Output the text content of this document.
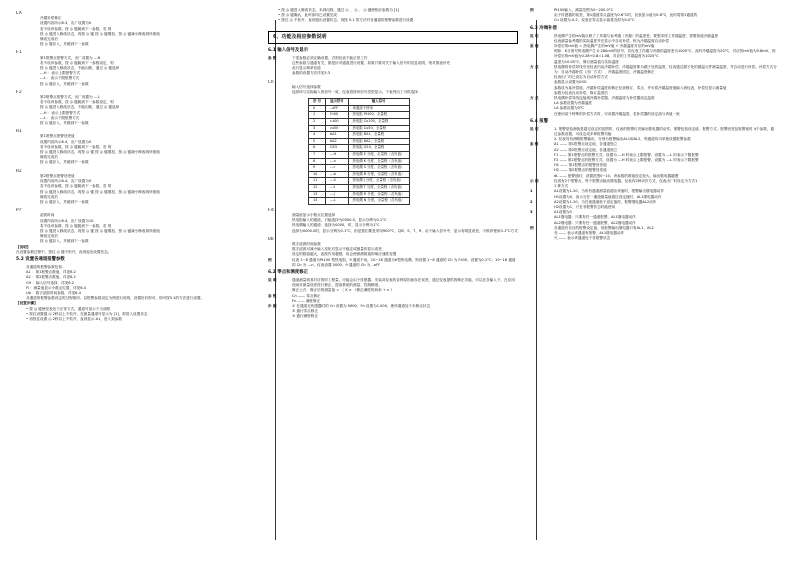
LA
冷端补偿修正
设置内容所示6.3，出厂设置为0
若不设该参数，按 ◎ 键跳到下一参数，若 则
按 ◎ 键进入修改状态，再按 ◎ 键 按 ◎ 键增加，按 ◎ 键减小修改到所需值
修改完成后
按 ◎ 键存入，并跳到下一参数
F1
第1报警点报警方式，出厂设置为 ---H
若不设该参数，按 ◎ 键跳到下一参数设定，则
按 ◎ 键进入修改状态，不能闪烁，通过 ◎ 键选择
---H ：表示上限报警方式
---L ：表示下限报警方式
按 ◎ 键存入，并跳到下一参数
F2
第2报警点报警方式，出厂设置为 ---L
若不设该参数，按 ◎ 键跳到下一参数设定，则
按 ◎ 键进入修改状态，不能闪烁，通过 ◎ 键选择
---H ：表示上限报警方式
---L ：表示下限报警方式
按 ◎ 键存入，并跳到下一参数
H1
第1报警点报警回差值
设置内容所示6.4，出厂设置为0
若不设该参数，按 ◎ 键跳到下一参数，若 则
按 ◎ 键进入修改状态，再按 ◎ 键 按 ◎ 键增加，按 ◎ 键减小修改到所需值
修改完成后
按 ◎ 键存入，并跳到下一参数
H2
第2报警点报警回差值
设置内容所示6.4，出厂设置为0
若不设该参数，按 ◎ 键跳到下一参数，若 则
按 ◎ 键进入修改状态，再按 ◎ 键 按 ◎ 键增加，按 ◎ 键减小修改到所需值
修改完成后
按 ◎ 键存入，并跳到下一参数
Pr
滤波时间
设置内容所示6.4，出厂设置为10
若不设该参数，按 ◎ 键跳到下一参数，若 则
按 ◎ 键进入修改状态，再按 ◎ 键 按 ◎ 键增加，按 ◎ 键减小修改到所需值
修改完成后
按 ◎ 键存入，并跳到下一参数
【说明】
在设置参数过程中，按住 ◎ 键不松开，直到退出设置状态。
5.2 设置各通道报警参数
各通道的报警参数包括：
A1 ：第1报警点数值，详见6.2
A2 ：第2报警点数值，详见6.2
CH ：输入信号选择，详见6.2
Fi ：测量值显示小数点位置，详见6.4
Ub ：数字滤波时间参数，详见6.4
各通道的报警参数设定的过程相同，以报警参数设定为例进行说明，设置好后即可，即可按5.1的方法进行设置。
【设置步骤】
• 按 ◎ 键使仪表处于正常方式，通道号显示于当前路
• 按住设置键 ◎ 2秒以上不松开，在测量通道号显示为 [1]，即进入设置状态
• 再按住设置 ◎ 2秒以上不松开，直到显示 A1，进入到参数
• 按 ◎ 键进入修改状态，未到闪烁，通过 ◎ 、 ◎ 、 ◎ 键使相应参数为 [1]
• 按 ◎ 键确认，此时如同已设置完成
• 按住 ◎ 不松开，直到退出设置状态，再按 5.1 的方法对各通道的报警参数进行设置
6、功能及相应参数说明
6.1 输入信号及显示
参 数	下述参数必须正确设置，否则仪表不能正常工作
这些参数与通道有关，都是针对通道进行设置，如果只要对关于输入信号的信息说明，则对照表补充
此行显示简单信道
参数的设置方法详见5.3
Ch
输入信号选择参数
选择所与实际输入的信号一致，仪表将按该信号类型显示。下表列出了可供选择：
序 号	显示符号	输入信号
0	-.oFF	该通道不使用
1	F.t00	热电阻 Pt100，全量程
2	c.t00	热电阻 Cu100，全量程
3	cu50	热电阻 Cu50，全量程
4	bA1	热电阻 BA1，全量程
5	bA2	热电阻 BA2，全量程
6	G53	热电阻 G53，全量程
7	---H	热电偶 E 分度，全量程（含负值）
8	---n	热电偶 K 分度，全量程（含负值）
9	---r	热电偶 S 分度，全量程（含负值）
10	---b	热电偶 B 分度，全量程（含负值）
11	---S	热电偶 J 分度，全量程（含负值）
12	---t	热电偶 T 分度，全量程（含负值）
13	---J	热电偶 R 分度，全量程（含负值）
14	---L	热电偶 N 分度，全量程（含负值）
Fd
测量值显示小数点位置选择
热电阻输入的通道，只能选择为0000.0，显示分辨为0.1°C
热电偶输入的通道：选择为0000，时，显示分辨为1°C
选择为0000.0时，显示分辨为0.1°C，但是我们要是采用900°C，以B、S、T、R、由于输入信号中，显示有明显误差，不推荐使用0.1°C方式
Ub
数字滤波时间参数
数字滤波可减小输入变化对显示不稳定或测量的显示误差
设定的数值越大，滤波作用越强，但会使被测数值的响应速度变慢
例	仪表 1~8 通道为Pt100 型热电阻，9 通道不用，10~16 通道为K型热电偶，则设置 1~8 通道的 Ch 为 F.t00，设置为0.1°C；10~16 通道的 Ch 为 ---n，仪表设置 0000；9 通道的 Ch 为 -.oFF
6.2 零点和满度修正
说 明	通道测量到其对应的时工程量，可能会由于传感器、安装或仪表的各种原因而存在误差，通过仪表提供的修正功能，可以在各输入下，在应用现场对测量误差进行修正，提高系统的测量、控制精度。
修正公式：修正后的测量值 = 〔 X × 《修正满度的斜率 + n 》
参 数	Cn —— 零点修正
Fn —— 满度修正
步 骤	① 在通道无传感器时的 Cn 设置为 0000，Fn 设置为1.000，使该通道处于未修正状态
② 通行零点修正
③ 通行满度修正
例	Pt100输入，测量范围为0~200.0°C
由于传感器的误差，第1通道零点温度为0.6°C时，仪表显示值为0.8°C，此时将第1通道的
Cn 设置为-0.2，仪表在零点显示值将近似为0.0°C
6.3 冷端补偿
说 明	热电偶产生的mV值反映了工作端与参考端（冷端）的温度差，要想求得工作端温度，需要知道冷端温度
仪表测量参考端的实际温度并在显示中自动补偿，称为冷端温度自动补偿
原 理	补偿后的mV值 = 热电偶产生的mV值 + 冷端温度对应的mV值
例如：K分度号热电偶产生 0.280mV的信号，若仪表工作端与冷端的温度差为1000°C，此时冷端温度为20°C，对应的mV值为0.8mV，则补偿后的mV值为0.28+0.8=1.08，对应的工作端温度为1020°C
温度为10.05°C，修订测量值与实际温度
方 式	热电偶的补偿导线引至仪表内由冷端补偿，冷端温度即为端子处的温度，仪表通过端子处的测温元件测量温度，并自动进行补偿。补偿方式分为：自动冷端补偿（出厂方式）、冷端温度固定、冷端温度修正
仪表出厂时已设定为自动补偿方式
参数显示设置为00G
参数设为某补偿值，冷端补偿温度的修正仪表修订、零点，并可将冷端温度值输入到仪表，补偿后显示测量值
参数为仪表自动补偿，修订温度后
方 式	热电偶补偿导线连接到冷端补偿器，冷端温度为补偿器设定温度
LA 参数设置为冷端温度
LA 参数设置为0℃
在使用某个特殊的补偿方式时，可设置冷端温度，若补偿器的设定值与该值一致
6.4 报警
说 明	1. 报警是检测值是超过设定的范围时，仪表的报警灯亮输出继电器的动作。报警包括设定值、报警方式、报警回差及报警延时 4个参数，通过参数设置，可设定成多种报警功能
2. 仪表具有两路报警输出，分别为报警输出AL1和AL2，每通道均可单独设置报警参数
参 数	A1 —— 第1报警点设定值，各通道独立
A2 —— 第2报警点设定值，各通道独立
F1 —— 第1报警点的报警方式，设置为 ---H 时表示上限报警，设置为 ---L 时表示下限报警
F2 —— 第2报警点的报警方式，设置为 ---H 时表示上限报警，设置为 ---L 时表示下限报警
H1 —— 第1报警点的报警回差值
H2 —— 第2报警点的报警回差值
dL —— 报警延时，设置范围0~10，该参数的数值设定较大，输出继电器越慢
示 例	仪表有2个报警点，每个报警点输出继电器，仪表有2种动作方式，仪表出厂时设定为方式1
1 种方式
1	A1设置为1-20，当所有通道测量值超出该值时，报警输出继电器动作
H1设置为0，表示当任一通道测量值超过设定值时，AL1继电器动作
2	A2设置为1-20，当任意通道低于设定值时，报警继电器AL2动作
H2设置为1，只在非报警状态时能使用
3	A1设置为0
AL1继电器：只要有任一通道报警，AL1继电器动作
AL2继电器：只要有任一通道报警，AL2继电器动作
例	各通道有各自的报警设定值，但报警输出继电器只有AL1、AL2
亮 —— 表示该通道有报警，AL1继电器动作
灭 —— 表示该通道处于非报警状态
